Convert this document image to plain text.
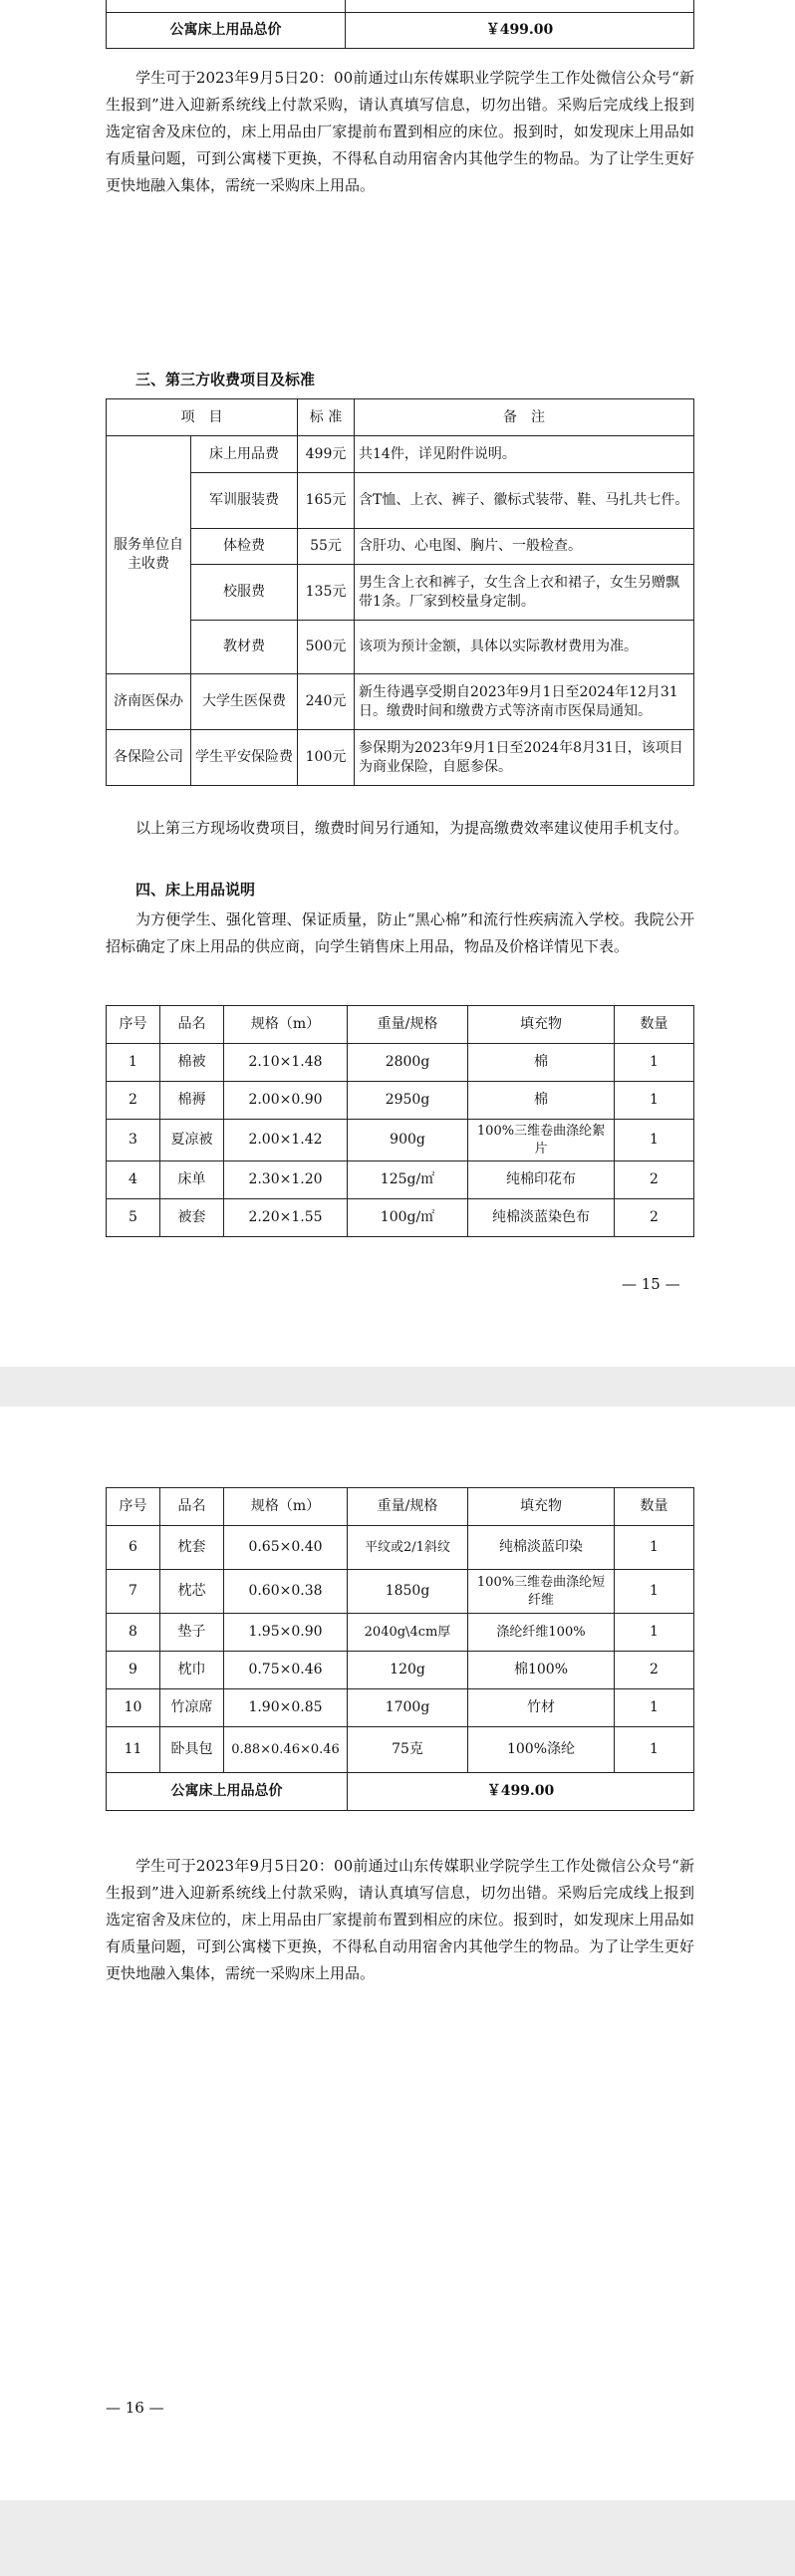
公寓床上用品总价	￥499.00

学生可于2023年9月5日20：00前通过山东传媒职业学院学生工作处微信公众号“新生报到”进入迎新系统线上付款采购，请认真填写信息，切勿出错。采购后完成线上报到选定宿舍及床位的，床上用品由厂家提前布置到相应的床位。报到时，如发现床上用品如有质量问题，可到公寓楼下更换，不得私自动用宿舍内其他学生的物品。为了让学生更好更快地融入集体，需统一采购床上用品。

三、第三方收费项目及标准

项　目		标 准	备　注
服务单位自主收费	床上用品费	499元	共14件，详见附件说明。
	军训服装费	165元	含T恤、上衣、裤子、徽标式装带、鞋、马扎共七件。
	体检费	55元	含肝功、心电图、胸片、一般检查。
	校服费	135元	男生含上衣和裤子，女生含上衣和裙子，女生另赠飘带1条。厂家到校量身定制。
	教材费	500元	该项为预计金额，具体以实际教材费用为准。
济南医保办	大学生医保费	240元	新生待遇享受期自2023年9月1日至2024年12月31日。缴费时间和缴费方式等济南市医保局通知。
各保险公司	学生平安保险费	100元	参保期为2023年9月1日至2024年8月31日，该项目为商业保险，自愿参保。

以上第三方现场收费项目，缴费时间另行通知，为提高缴费效率建议使用手机支付。

四、床上用品说明

为方便学生、强化管理、保证质量，防止“黑心棉”和流行性疾病流入学校。我院公开招标确定了床上用品的供应商，向学生销售床上用品，物品及价格详情见下表。

序号	品名	规格（m）	重量/规格	填充物	数量
1	棉被	2.10×1.48	2800g	棉	1
2	棉褥	2.00×0.90	2950g	棉	1
3	夏凉被	2.00×1.42	900g	100%三维卷曲涤纶絮片	1
4	床单	2.30×1.20	125g/㎡	纯棉印花布	2
5	被套	2.20×1.55	100g/㎡	纯棉淡蓝染色布	2
— 15 —
序号	品名	规格（m）	重量/规格	填充物	数量
6	枕套	0.65×0.40	平纹或2/1斜纹	纯棉淡蓝印染	1
7	枕芯	0.60×0.38	1850g	100%三维卷曲涤纶短纤维	1
8	垫子	1.95×0.90	2040g\4cm厚	涤纶纤维100%	1
9	枕巾	0.75×0.46	120g	棉100%	2
10	竹凉席	1.90×0.85	1700g	竹材	1
11	卧具包	0.88×0.46×0.46	75克	100%涤纶	1
公寓床上用品总价			￥499.00		

学生可于2023年9月5日20：00前通过山东传媒职业学院学生工作处微信公众号“新生报到”进入迎新系统线上付款采购，请认真填写信息，切勿出错。采购后完成线上报到选定宿舍及床位的，床上用品由厂家提前布置到相应的床位。报到时，如发现床上用品如有质量问题，可到公寓楼下更换，不得私自动用宿舍内其他学生的物品。为了让学生更好更快地融入集体，需统一采购床上用品。

— 16 —
